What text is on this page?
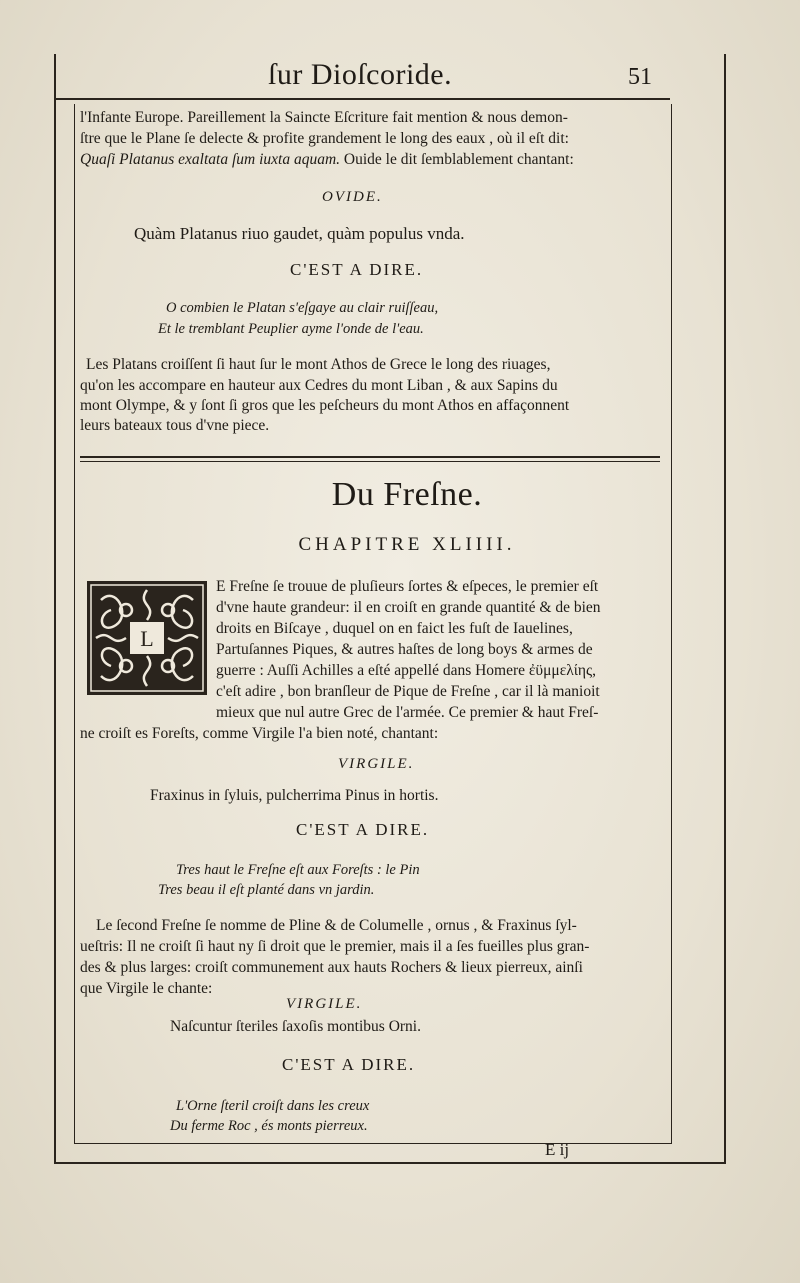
ſur Dioſcoride.	51
l'Infante Europe. Pareillement la Saincte Eſcriture fait mention & nous demon-
ſtre que le Plane ſe delecte & profite grandement le long des eaux , où il eſt dit:
Quaſi Platanus exaltata ſum iuxta aquam. Ouide le dit ſemblablement chantant:
OVIDE.
Quàm Platanus riuo gaudet, quàm populus vnda.
C'EST A DIRE.
O combien le Platan s'eſgaye au clair ruiſſeau,
Et le tremblant Peuplier ayme l'onde de l'eau.
Les Platans croiſſent ſi haut ſur le mont Athos de Grece le long des riuages,
qu'on les accompare en hauteur aux Cedres du mont Liban , & aux Sapins du
mont Olympe, & y ſont ſi gros que les peſcheurs du mont Athos en affaçonnent
leurs bateaux tous d'vne piece.
Du Freſne.
CHAPITRE XLIIII.
L
E Freſne ſe trouue de pluſieurs ſortes & eſpeces, le premier eſt
d'vne haute grandeur: il en croiſt en grande quantité & de bien
droits en Biſcaye , duquel on en faict les fuſt de Iauelines,
Partuſannes Piques, & autres haſtes de long boys & armes de
guerre : Auſſi Achilles a eſté appellé dans Homere ἐϋμμελίης,
c'eſt adire , bon branſleur de Pique de Freſne , car il là manioit
mieux que nul autre Grec de l'armée. Ce premier & haut Freſ-
ne croiſt es Foreſts, comme Virgile l'a bien noté, chantant:
VIRGILE.
Fraxinus in ſyluis, pulcherrima Pinus in hortis.
C'EST A DIRE.
Tres haut le Freſne eſt aux Foreſts : le Pin
Tres beau il eſt planté dans vn jardin.
Le ſecond Freſne ſe nomme de Pline & de Columelle , ornus , & Fraxinus ſyl-
ueſtris: Il ne croiſt ſi haut ny ſi droit que le premier, mais il a ſes fueilles plus gran-
des & plus larges: croiſt communement aux hauts Rochers & lieux pierreux, ainſi
que Virgile le chante:
VIRGILE.
Naſcuntur ſteriles ſaxoſis montibus Orni.
C'EST A DIRE.
L'Orne ſteril croiſt dans les creux
Du ferme Roc , és monts pierreux.
E ij
